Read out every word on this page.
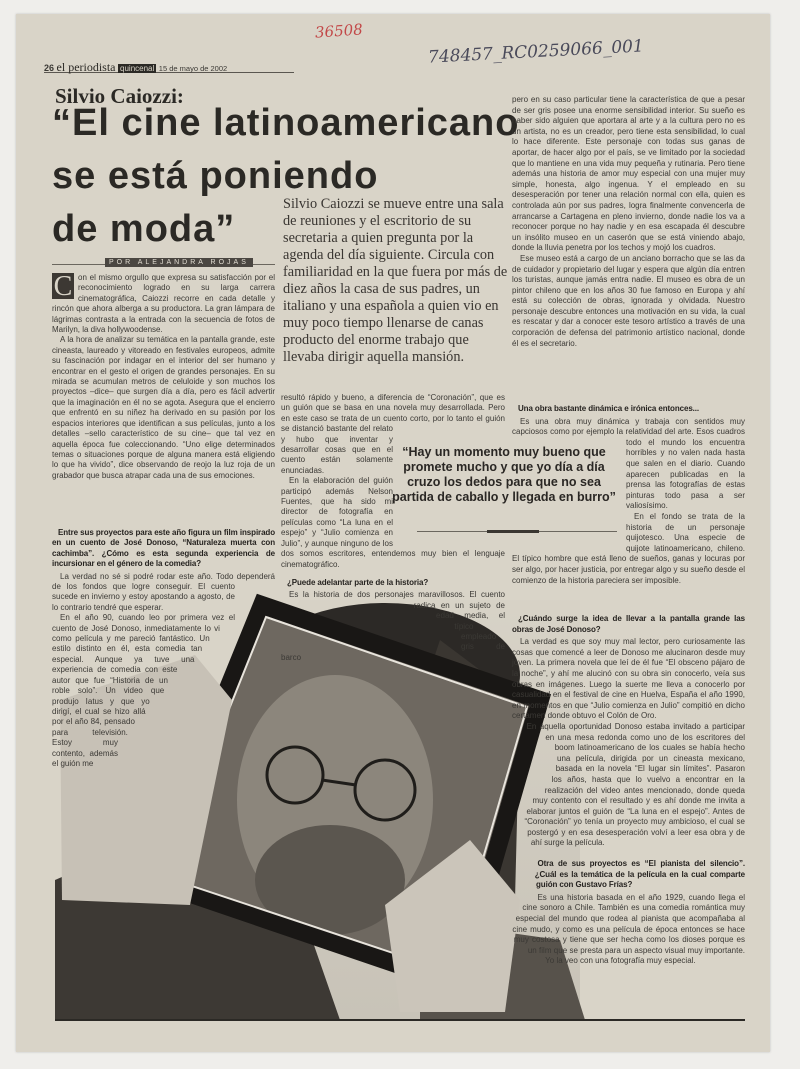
36508
748457_RC0259066_001
26 el periodista quincenal 15 de mayo de 2002
Silvio Caiozzi:
“El cine latinoamericano
se está poniendo
de moda”
POR ALEJANDRA ROJAS
Silvio Caiozzi se mueve entre una sala de reuniones y el escritorio de su secretaria a quien pregunta por la agenda del día siguiente. Circula con familiaridad en la que fuera por más de diez años la casa de sus padres, un italiano y una española a quien vio en muy poco tiempo llenarse de canas producto del enorme trabajo que llevaba dirigir aquella mansión.
C on el mismo orgullo que expresa su satisfacción por el reconocimiento logrado en su larga carrera cinematográfica, Caiozzi recorre en cada detalle y rincón que ahora alberga a su productora. La gran lámpara de lágrimas contrasta a la entrada con la secuencia de fotos de Marilyn, la diva hollywoodense.

A la hora de analizar su temática en la pantalla grande, este cineasta, laureado y vitoreado en festivales europeos, admite su fascinación por indagar en el interior del ser humano y encontrar en el gesto el origen de grandes personajes. En su mirada se acumulan metros de celuloide y son muchos los proyectos –dice– que surgen día a día, pero es fácil advertir que la imaginación en él no se agota. Asegura que el encierro que enfrentó en su niñez ha derivado en su pasión por los espacios interiores que identifican a sus películas, junto a los detalles –sello característico de su cine– que tal vez en aquella época fue coleccionando. “Uno elige determinados temas o situaciones porque de alguna manera está eligiendo lo que ha vivido”, dice observando de reojo la luz roja de un grabador que busca atrapar cada una de sus emociones.

Entre sus proyectos para este año figura un film inspirado en un cuento de José Donoso, “Naturaleza muerta con cachimba”. ¿Cómo es esta segunda experiencia de incursionar en el género de la comedia?

La verdad no sé si podré rodar este año. Todo dependerá de los fondos que logre conseguir. El cuento sucede en invierno y estoy apostando a agosto, de lo contrario tendré que esperar.

En el año 90, cuando leo por primera vez el cuento de José Donoso, inmediatamente lo vi como película y me pareció fantástico. Un estilo distinto en él, esta comedia tan especial. Aunque ya tuve una experiencia de comedia con este autor que fue “Historia de un roble solo”. Un video que produjo Iatus y que yo dirigí, el cual se hizo allá por el año 84, pensado para televisión. Estoy muy contento, además el guión me

resultó rápido y bueno, a diferencia de “Coronación”, que es un guión que se basa en una novela muy desarrollada. Pero en este caso se trata de un cuento corto, por lo tanto el guión se distanció bastante del relato y hubo que inventar y desarrollar cosas que en el cuento están solamente enunciadas.

En la elaboración del guión participó además Nelson Fuentes, que ha sido mi director de fotografía en películas como “La luna en el espejo” y “Julio comienza en Julio”, y aunque ninguno de los dos somos escritores, entendemos muy bien el lenguaje cinematográfico.

¿Puede adelantar parte de la historia?

Es la historia de dos personajes maravillosos. El cuento radica en un sujeto de edad media, el típico empleado gris de barco

“Hay un momento muy bueno que promete mucho y que yo día a día cruzo los dedos para que no sea partida de caballo y llegada en burro”

pero en su caso particular tiene la característica de que a pesar de ser gris posee una enorme sensibilidad interior. Su sueño es haber sido alguien que aportara al arte y a la cultura pero no es un artista, no es un creador, pero tiene esta sensibilidad, lo cual lo hace diferente. Este personaje con todas sus ganas de aportar, de hacer algo por el país, se ve limitado por la sociedad que lo mantiene en una vida muy pequeña y rutinaria. Pero tiene además una historia de amor muy especial con una mujer muy simple, honesta, algo ingenua. Y el empleado en su desesperación por tener una relación normal con ella, quien es controlada aún por sus padres, logra finalmente convencerla de arrancarse a Cartagena en pleno invierno, donde nadie los va a reconocer porque no hay nadie y en esa escapada él descubre un insólito museo en un caserón que se está viniendo abajo, donde la lluvia penetra por los techos y mojó los cuadros.

Ese museo está a cargo de un anciano borracho que se las da de cuidador y propietario del lugar y espera que algún día entren los turistas, aunque jamás entra nadie. El museo es obra de un pintor chileno que en los años 30 fue famoso en Europa y ahí está su colección de obras, ignorada y olvidada. Nuestro personaje descubre entonces una motivación en su vida, la cual es rescatar y dar a conocer este tesoro artístico a través de una corporación de defensa del patrimonio artístico nacional, donde él es el secretario.

Una obra bastante dinámica e irónica entonces...

Es una obra muy dinámica y trabaja con sentidos muy capciosos como por ejemplo la relatividad del arte. Esos cuadros todo el mundo los encuentra horribles y no valen nada hasta que salen en el diario. Cuando aparecen publicadas en la prensa las fotografías de estas pinturas todo pasa a ser valiosísimo.

En el fondo se trata de la historia de un personaje quijotesco. Una especie de quijote latinoamericano, chileno. El típico hombre que está lleno de sueños, ganas y locuras por ser algo, por hacer justicia, por entregar algo y su sueño desde el comienzo de la historia pareciera ser imposible.

¿Cuándo surge la idea de llevar a la pantalla grande las obras de José Donoso?

La verdad es que soy muy mal lector, pero curiosamente las cosas que comencé a leer de Donoso me alucinaron desde muy joven. La primera novela que leí de él fue “El obsceno pájaro de la noche”, y ahí me alucinó con su obra sin conocerlo, veía sus obras en imágenes. Luego la suerte me lleva a conocerlo por casualidad en el festival de cine en Huelva, España el año 1990, en momentos en que “Julio comienza en Julio” compitió en dicho certamen donde obtuvo el Colón de Oro.

En aquella oportunidad Donoso estaba invitado a participar en una mesa redonda como uno de los escritores del boom latinoamericano de los cuales se había hecho una película, dirigida por un cineasta mexicano, basada en la novela “El lugar sin límites”. Pasaron los años, hasta que lo vuelvo a encontrar en la realización del video antes mencionado, donde queda muy contento con el resultado y es ahí donde me invita a elaborar juntos el guión de “La luna en el espejo”. Antes de “Coronación” yo tenía un proyecto muy ambicioso, el cual se postergó y en esa desesperación volví a leer esa obra y de ahí surge la película.

Otra de sus proyectos es “El pianista del silencio”. ¿Cuál es la temática de la película en la cual comparte guión con Gustavo Frías?

Es una historia basada en el año 1929, cuando llega el cine sonoro a Chile. También es una comedia romántica muy especial del mundo que rodea al pianista que acompañaba al cine mudo, y como es una película de época entonces se hace muy costosa y tiene que ser hecha como los dioses porque es un film que se presta para un aspecto visual muy importante. Yo la veo con una fotografía muy especial.
